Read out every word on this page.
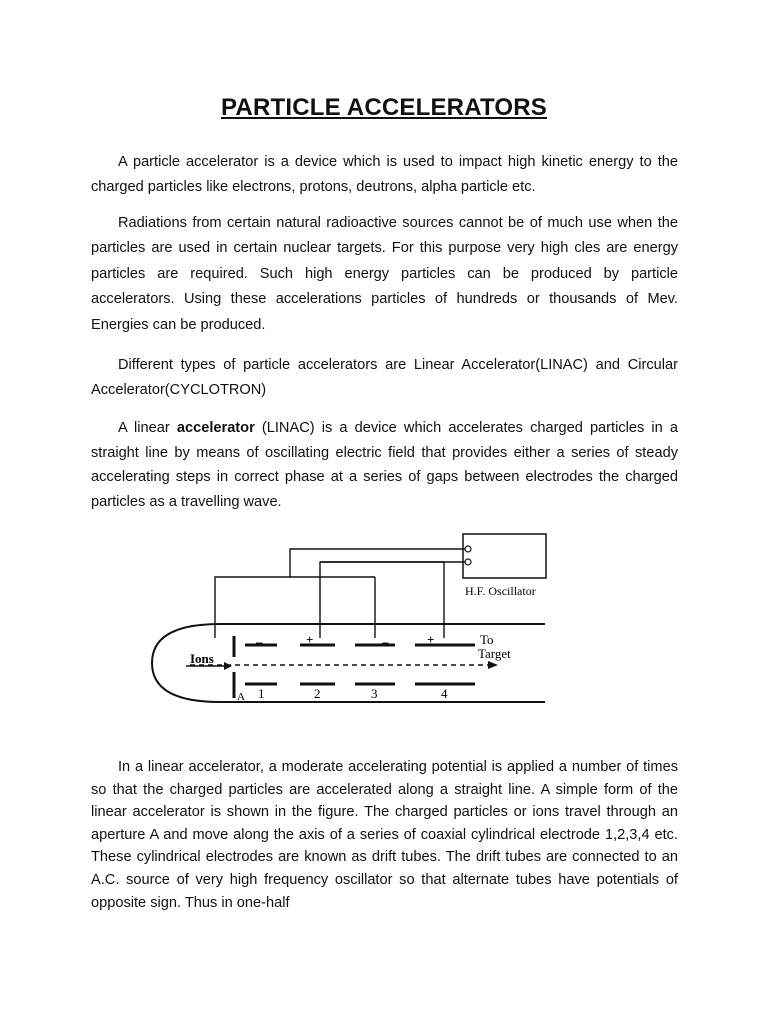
PARTICLE ACCELERATORS

A particle accelerator is a device which is used to impact high kinetic energy to the charged particles like electrons, protons, deutrons, alpha particle etc.

Radiations from certain natural radioactive sources cannot be of much use when the particles are used in certain nuclear targets. For this purpose very high cles are energy particles are required. Such high energy particles can be produced by particle accelerators. Using these accelerations particles of hundreds or thousands of Mev. Energies can be produced.

Different types of particle accelerators are Linear Accelerator(LINAC) and Circular Accelerator(CYCLOTRON)

A linear accelerator (LINAC) is a device which accelerates charged particles in a straight line by means of oscillating electric field that provides either a series of steady accelerating steps in correct phase at a series of gaps between electrodes the charged particles as a travelling wave.

H.F. Oscillator
A
–	+	–	+
1	2	3	4
Ions
To
Target

In a linear accelerator, a moderate accelerating potential is applied a number of times so that the charged particles are accelerated along a straight line. A simple form of the linear accelerator is shown in the figure. The charged particles or ions travel through an aperture A and move along the axis of a series of coaxial cylindrical electrode 1,2,3,4 etc. These cylindrical electrodes are known as drift tubes. The drift tubes are connected to an A.C. source of very high frequency oscillator so that alternate tubes have potentials of opposite sign. Thus in one-half
